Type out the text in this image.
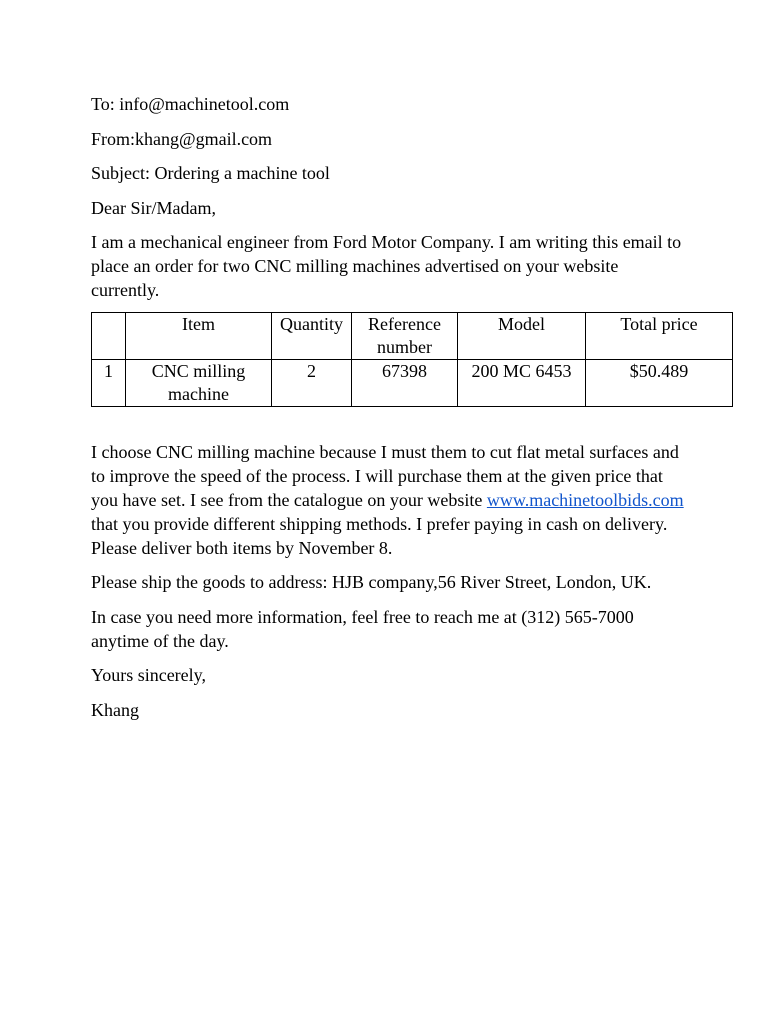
To: info@machinetool.com
From:khang@gmail.com
Subject: Ordering a machine tool
Dear Sir/Madam,

I am a mechanical engineer from Ford Motor Company. I am writing this email to place an order for two CNC milling machines advertised on your website currently.

	Item	Quantity	Reference number	Model	Total price
1	CNC milling machine	2	67398	200 MC 6453	$50.489

I choose CNC milling machine because I must them to cut flat metal surfaces and to improve the speed of the process. I will purchase them at the given price that you have set. I see from the catalogue on your website www.machinetoolbids.com that you provide different shipping methods. I prefer paying in cash on delivery. Please deliver both items by November 8.

Please ship the goods to address: HJB company,56 River Street, London, UK.

In case you need more information, feel free to reach me at (312) 565-7000 anytime of the day.

Yours sincerely,
Khang
